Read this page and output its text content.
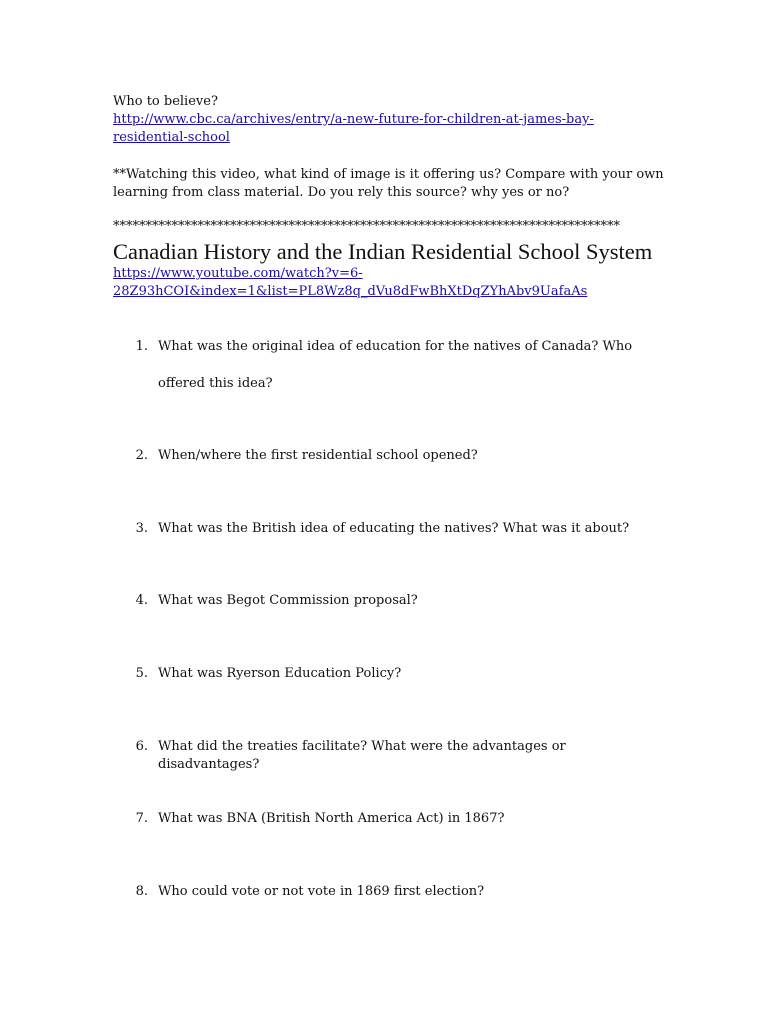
Who to believe?
http://www.cbc.ca/archives/entry/a-new-future-for-children-at-james-bay-
residential-school
**Watching this video, what kind of image is it offering us? Compare with your own
learning from class material. Do you rely this source? why yes or no?
******************************************************************************
Canadian History and the Indian Residential School System
https://www.youtube.com/watch?v=6-
28Z93hCOI&index=1&list=PL8Wz8q_dVu8dFwBhXtDqZYhAbv9UafaAs
1. What was the original idea of education for the natives of Canada? Who
offered this idea?
2. When/where the first residential school opened?
3. What was the British idea of educating the natives? What was it about?
4. What was Begot Commission proposal?
5. What was Ryerson Education Policy?
6. What did the treaties facilitate? What were the advantages or disadvantages?
7. What was BNA (British North America Act) in 1867?
8. Who could vote or not vote in 1869 first election?
